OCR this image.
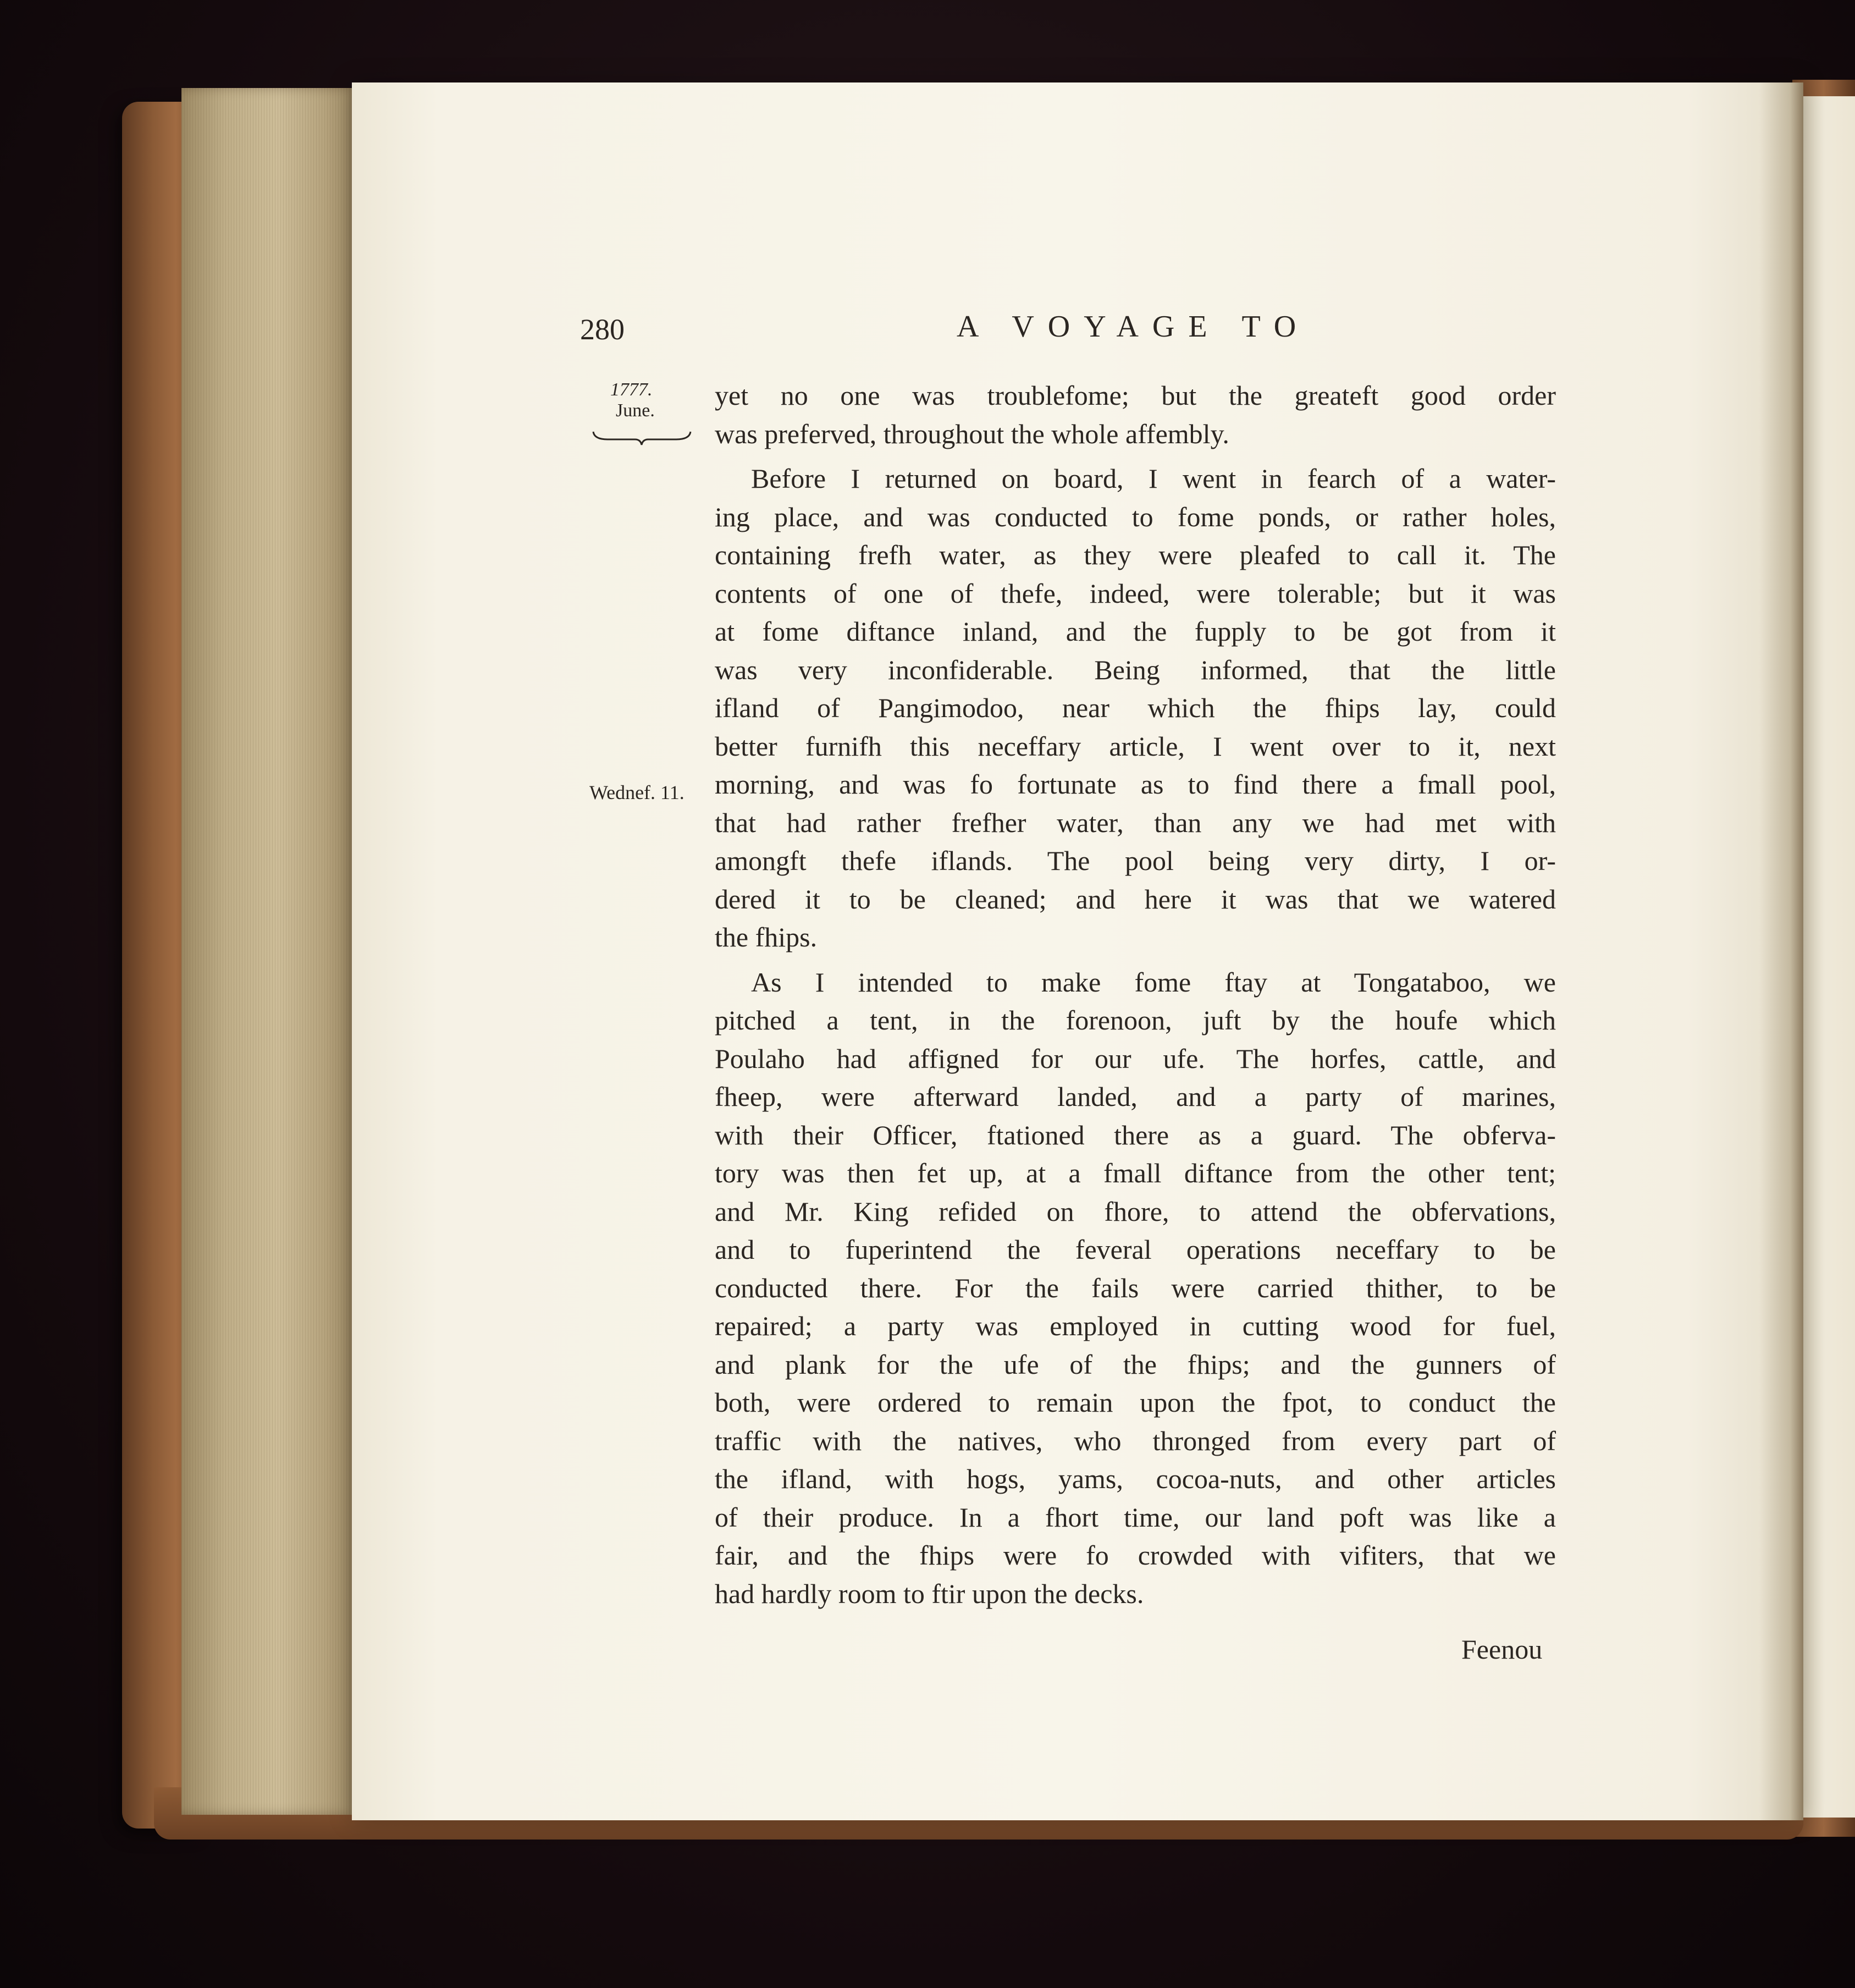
280	A VOYAGE TO
1777.
June.
Wednef. 11.
yet no one was troublefome; but the greateft good order
was preferved, throughout the whole affembly.
Before I returned on board, I went in fearch of a water-
ing place, and was conducted to fome ponds, or rather holes,
containing frefh water, as they were pleafed to call it. The
contents of one of thefe, indeed, were tolerable; but it was
at fome diftance inland, and the fupply to be got from it
was very inconfiderable. Being informed, that the little
ifland of Pangimodoo, near which the fhips lay, could
better furnifh this neceffary article, I went over to it, next
morning, and was fo fortunate as to find there a fmall pool,
that had rather frefher water, than any we had met with
amongft thefe iflands. The pool being very dirty, I or-
dered it to be cleaned; and here it was that we watered
the fhips.
As I intended to make fome ftay at Tongataboo, we
pitched a tent, in the forenoon, juft by the houfe which
Poulaho had affigned for our ufe. The horfes, cattle, and
fheep, were afterward landed, and a party of marines,
with their Officer, ftationed there as a guard. The obferva-
tory was then fet up, at a fmall diftance from the other tent;
and Mr. King refided on fhore, to attend the obfervations,
and to fuperintend the feveral operations neceffary to be
conducted there. For the fails were carried thither, to be
repaired; a party was employed in cutting wood for fuel,
and plank for the ufe of the fhips; and the gunners of
both, were ordered to remain upon the fpot, to conduct the
traffic with the natives, who thronged from every part of
the ifland, with hogs, yams, cocoa-nuts, and other articles
of their produce. In a fhort time, our land poft was like a
fair, and the fhips were fo crowded with vifiters, that we
had hardly room to ftir upon the decks.
Feenou
